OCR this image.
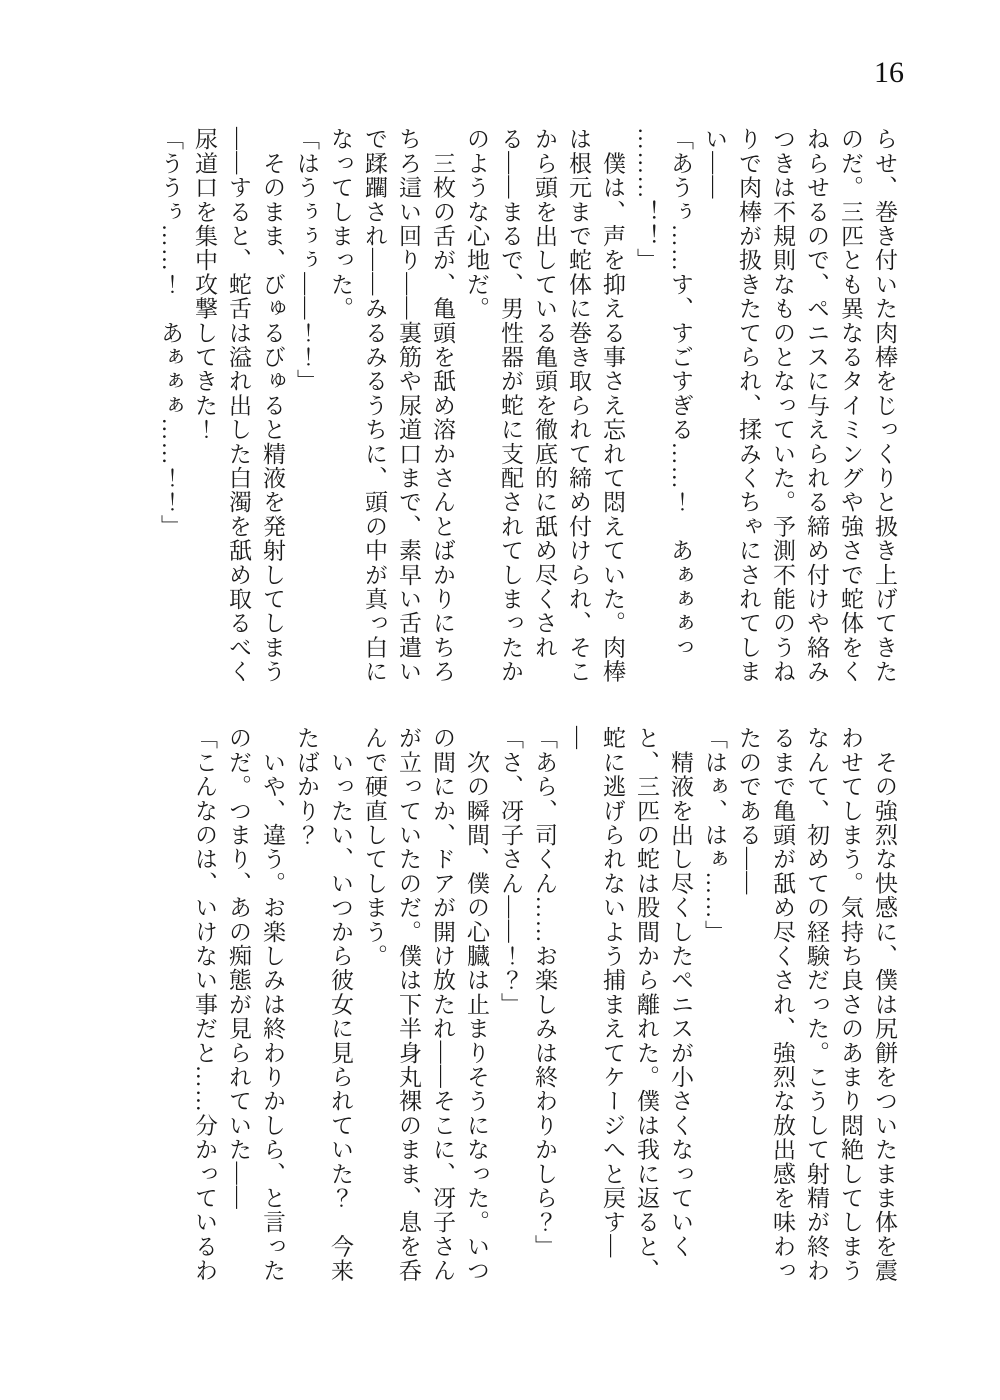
16

らせ、巻き付いた肉棒をじっくりと扱き上げてきた

のだ。三匹とも異なるタイミングや強さで蛇体をく

ねらせるので、ペニスに与えられる締め付けや絡み

つきは不規則なものとなっていた。予測不能のうね

りで肉棒が扱きたてられ、揉みくちゃにされてしま

い――

「あうぅ……す、すごすぎる……！　あぁぁぁっ

………！！」

　僕は、声を抑える事さえ忘れて悶えていた。肉棒

は根元まで蛇体に巻き取られて締め付けられ、そこ

から頭を出している亀頭を徹底的に舐め尽くされ

る――まるで、男性器が蛇に支配されてしまったか

のような心地だ。

　三枚の舌が、亀頭を舐め溶かさんとばかりにちろ

ちろ這い回り――裏筋や尿道口まで、素早い舌遣い

で蹂躙され――みるみるうちに、頭の中が真っ白に

なってしまった。

「はうぅぅぅ――！！」

　そのまま、びゅるびゅると精液を発射してしまう

――すると、蛇舌は溢れ出した白濁を舐め取るべく

尿道口を集中攻撃してきた！

「ううぅ……！　あぁぁぁ……！！」

　その強烈な快感に、僕は尻餅をついたまま体を震

わせてしまう。気持ち良さのあまり悶絶してしまう

なんて、初めての経験だった。こうして射精が終わ

るまで亀頭が舐め尽くされ、強烈な放出感を味わっ

たのである――

「はぁ、はぁ……」

　精液を出し尽くしたペニスが小さくなっていく

と、三匹の蛇は股間から離れた。僕は我に返ると、

蛇に逃げられないよう捕まえてケージへと戻す―

―

「あら、司くん……お楽しみは終わりかしら？」

「さ、冴子さん――！？」

　次の瞬間、僕の心臓は止まりそうになった。いつ

の間にか、ドアが開け放たれ――そこに、冴子さん

が立っていたのだ。僕は下半身丸裸のまま、息を呑

んで硬直してしまう。

　いったい、いつから彼女に見られていた？　今来

たばかり？

　いや、違う。お楽しみは終わりかしら、と言った

のだ。つまり、あの痴態が見られていた――

「こんなのは、いけない事だと……分かっているわ
